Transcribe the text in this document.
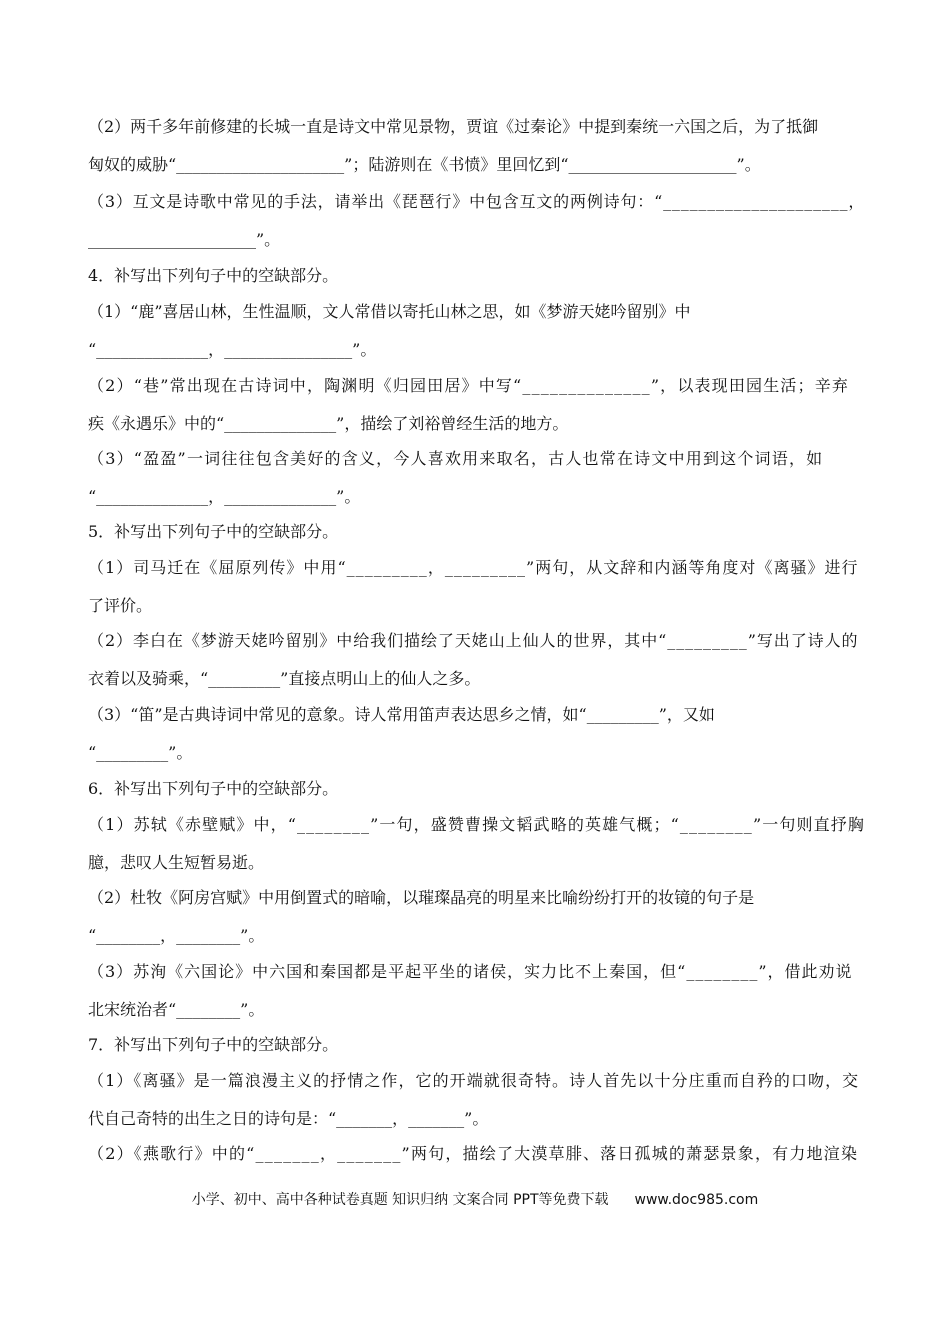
（2）两千多年前修建的长城一直是诗文中常见景物，贾谊《过秦论》中提到秦统一六国之后，为了抵御
匈奴的威胁“_____________________”；陆游则在《书愤》里回忆到“_____________________”。
（3）互文是诗歌中常见的手法，请举出《琵琶行》中包含互文的两例诗句：“_____________________，
_____________________”。
4．补写出下列句子中的空缺部分。
（1）“鹿”喜居山林，生性温顺，文人常借以寄托山林之思，如《梦游天姥吟留别》中
“______________，________________”。
（2）“巷”常出现在古诗词中，陶渊明《归园田居》中写“______________”，以表现田园生活；辛弃
疾《永遇乐》中的“______________”，描绘了刘裕曾经生活的地方。
（3）“盈盈”一词往往包含美好的含义，今人喜欢用来取名，古人也常在诗文中用到这个词语，如
“______________，______________”。
5．补写出下列句子中的空缺部分。
（1）司马迁在《屈原列传》中用“_________，_________”两句，从文辞和内涵等角度对《离骚》进行
了评价。
（2）李白在《梦游天姥吟留别》中给我们描绘了天姥山上仙人的世界，其中“_________”写出了诗人的
衣着以及骑乘，“_________”直接点明山上的仙人之多。
（3）“笛”是古典诗词中常见的意象。诗人常用笛声表达思乡之情，如“_________”，又如
“_________”。
6．补写出下列句子中的空缺部分。
（1）苏轼《赤壁赋》中，“________”一句，盛赞曹操文韬武略的英雄气概；“________”一句则直抒胸
臆，悲叹人生短暂易逝。
（2）杜牧《阿房宫赋》中用倒置式的暗喻，以璀璨晶亮的明星来比喻纷纷打开的妆镜的句子是
“________，________”。
（3）苏洵《六国论》中六国和秦国都是平起平坐的诸侯，实力比不上秦国，但“________”，借此劝说
北宋统治者“________”。
7．补写出下列句子中的空缺部分。
（1）《离骚》是一篇浪漫主义的抒情之作，它的开端就很奇特。诗人首先以十分庄重而自矜的口吻，交
代自己奇特的出生之日的诗句是：“_______，_______”。
（2）《燕歌行》中的“_______，_______”两句，描绘了大漠草腓、落日孤城的萧瑟景象，有力地渲染
小学、初中、高中各种试卷真题 知识归纳 文案合同 PPT等免费下载 www.doc985.com
